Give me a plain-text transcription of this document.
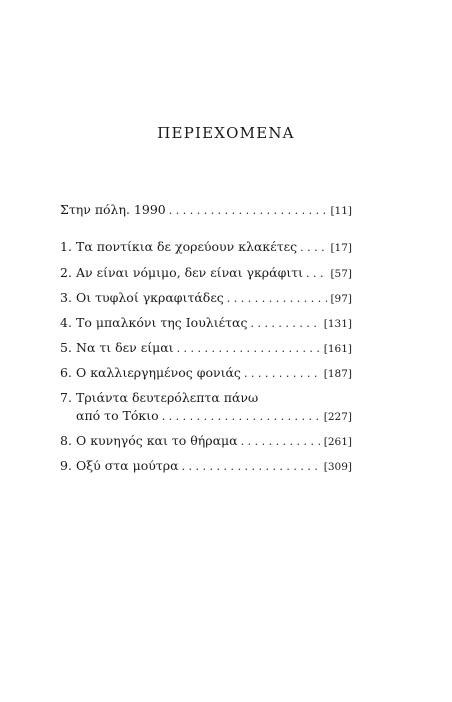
ΠΕΡΙΕΧΟΜΕΝΑ
Στην πόλη. 1990 . . .	[11]
1. Τα ποντίκια δε χορεύουν κλακέτες . . .	[17]
2. Αν είναι νόμιμο, δεν είναι γκράφιτι . . .	[57]
3. Οι τυφλοί γκραφιτάδες . . .	[97]
4. Το μπαλκόνι της Ιουλιέτας . . .	[131]
5. Να τι δεν είμαι . . .	[161]
6. Ο καλλιεργημένος φονιάς . . .	[187]
7. Τριάντα δευτερόλεπτα πάνω
από το Τόκιο . . .	[227]
8. Ο κυνηγός και το θήραμα . . .	[261]
9. Οξύ στα μούτρα . . .	[309]
